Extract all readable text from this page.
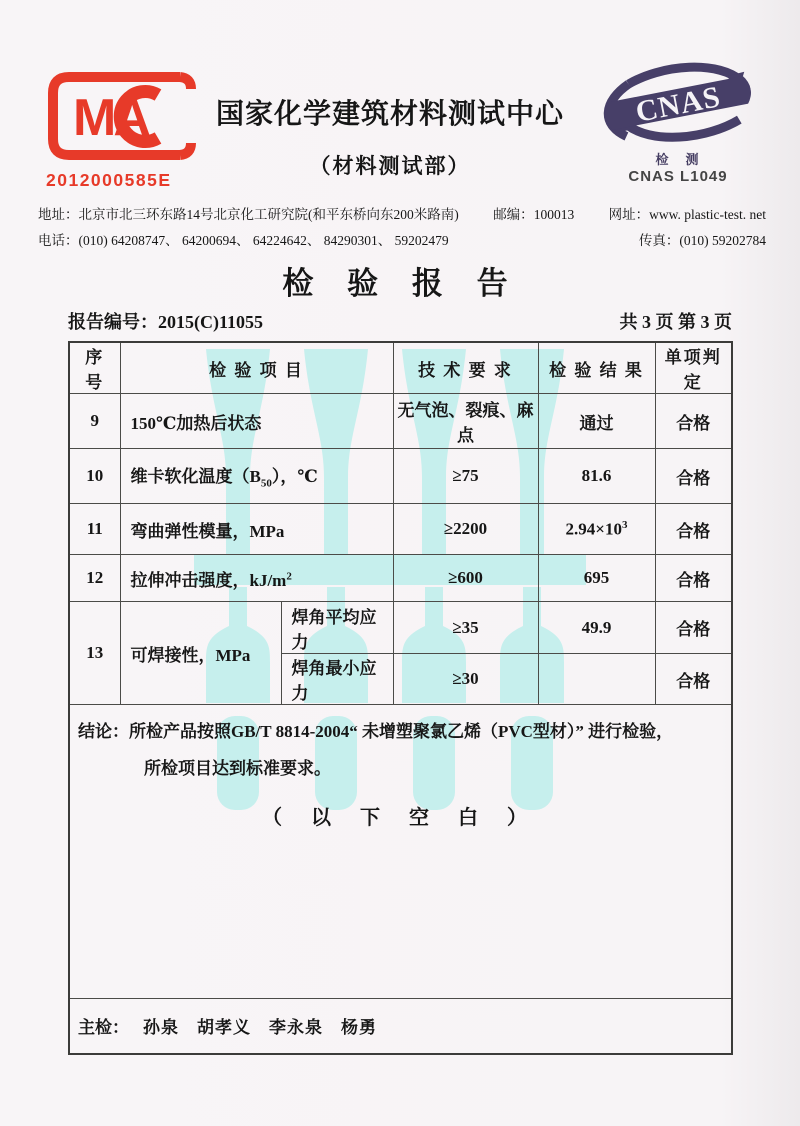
MA
2012000585E
国家化学建筑材料测试中心
（材料测试部）
CNAS
检　测
CNAS L1049
地址：北京市北三环东路14号北京化工研究院(和平东桥向东200米路南)	邮编：100013	网址：www. plastic-test. net
电话：(010) 64208747、 64200694、 64224642、 84290301、 59202479	传真：(010) 59202784
检 验 报 告
报告编号：2015(C)11055	共 3 页 第 3 页
序 号	检 验 项 目		技 术 要 求	检 验 结 果	单项判定
9	150℃加热后状态		无气泡、裂痕、麻点	通过	合格
10	维卡软化温度$(B_{50})$，℃		≥75	81.6	合格
11	弯曲弹性模量，MPa		≥2200	$2.94\times 10^3$	合格
12	拉伸冲击强度，$kJ/m^2$		≥600	695	合格
13	可焊接性，MPa	焊角平均应力	≥35	49.9	合格
		焊角最小应力	≥30		合格

结论：所检产品按照GB/T 8814-2004“ 未增塑聚氯乙烯（PVC型材）” 进行检验，
所检项目达到标准要求。
（ 以 下 空 白 ）					

主检： 孙泉　胡孝义　李永泉　杨勇					
